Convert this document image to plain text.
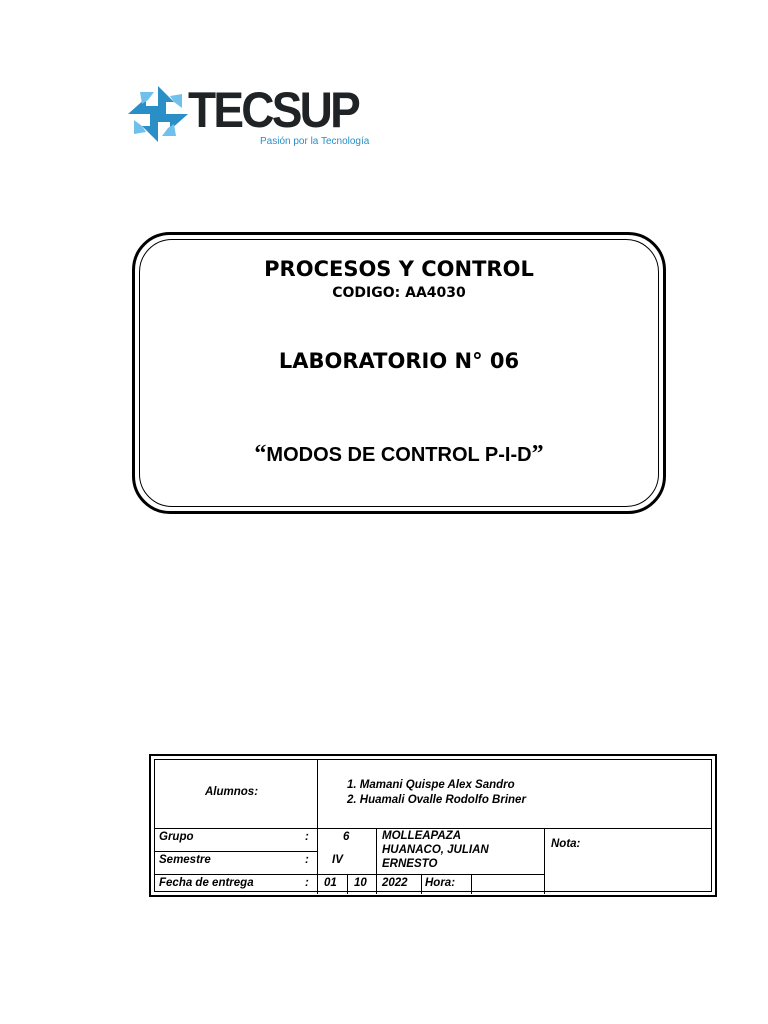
TECSUP
Pasión por la Tecnología
PROCESOS Y CONTROL
CODIGO: AA4030
LABORATORIO N° 06
“MODOS DE CONTROL P-I-D”
Alumnos:
1. Mamani Quispe Alex Sandro
2. Huamali Ovalle Rodolfo Briner
Grupo	:	6
Semestre	: IV
Fecha de entrega	: 01 10 2022 Hora:
MOLLEAPAZA
HUANACO, JULIAN
ERNESTO
Nota:
